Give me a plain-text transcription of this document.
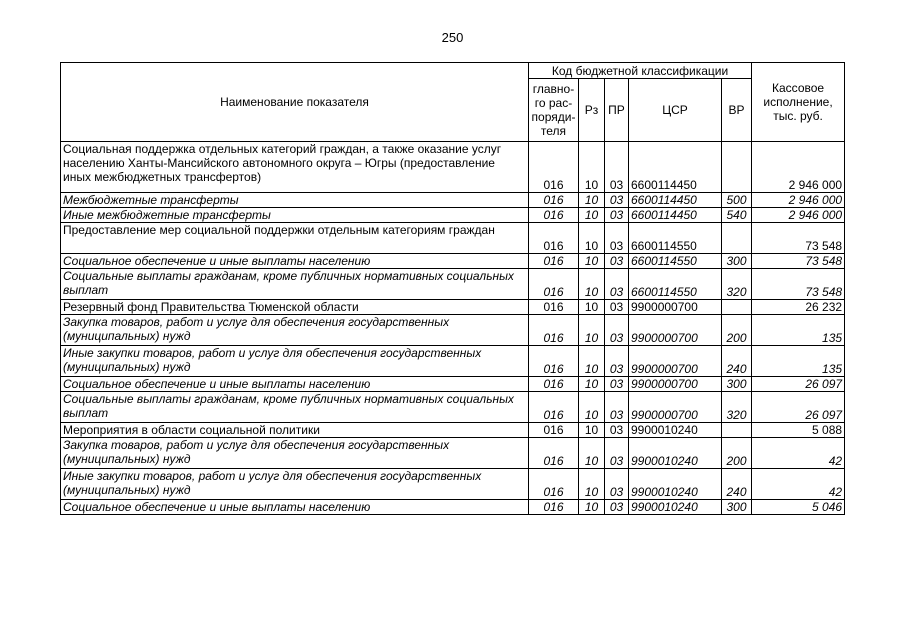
250
Наименование показателя	Код бюджетной классификации					Кассовое
исполнение,
тыс. руб.

	главно-
го рас-
поряди-
теля	Рз	ПР	ЦСР	ВР	
Социальная поддержка отдельных категорий граждан, а также оказание услуг населению Ханты-Мансийского автономного округа – Югры (предоставление иных межбюджетных трансфертов)	016	10	03	6600114450		2 946 000
Межбюджетные трансферты	016	10	03	6600114450	500	2 946 000
Иные межбюджетные трансферты	016	10	03	6600114450	540	2 946 000
Предоставление мер социальной поддержки отдельным категориям граждан	016	10	03	6600114550		73 548
Социальное обеспечение и иные выплаты населению	016	10	03	6600114550	300	73 548
Социальные выплаты гражданам, кроме публичных нормативных социальных выплат	016	10	03	6600114550	320	73 548
Резервный фонд Правительства Тюменской области	016	10	03	9900000700		26 232
Закупка товаров, работ и услуг для обеспечения государственных (муниципальных) нужд	016	10	03	9900000700	200	135
Иные закупки товаров, работ и услуг для обеспечения государственных (муниципальных) нужд	016	10	03	9900000700	240	135
Социальное обеспечение и иные выплаты населению	016	10	03	9900000700	300	26 097
Социальные выплаты гражданам, кроме публичных нормативных социальных выплат	016	10	03	9900000700	320	26 097
Мероприятия в области социальной политики	016	10	03	9900010240		5 088
Закупка товаров, работ и услуг для обеспечения государственных (муниципальных) нужд	016	10	03	9900010240	200	42
Иные закупки товаров, работ и услуг для обеспечения государственных (муниципальных) нужд	016	10	03	9900010240	240	42
Социальное обеспечение и иные выплаты населению	016	10	03	9900010240	300	5 046
